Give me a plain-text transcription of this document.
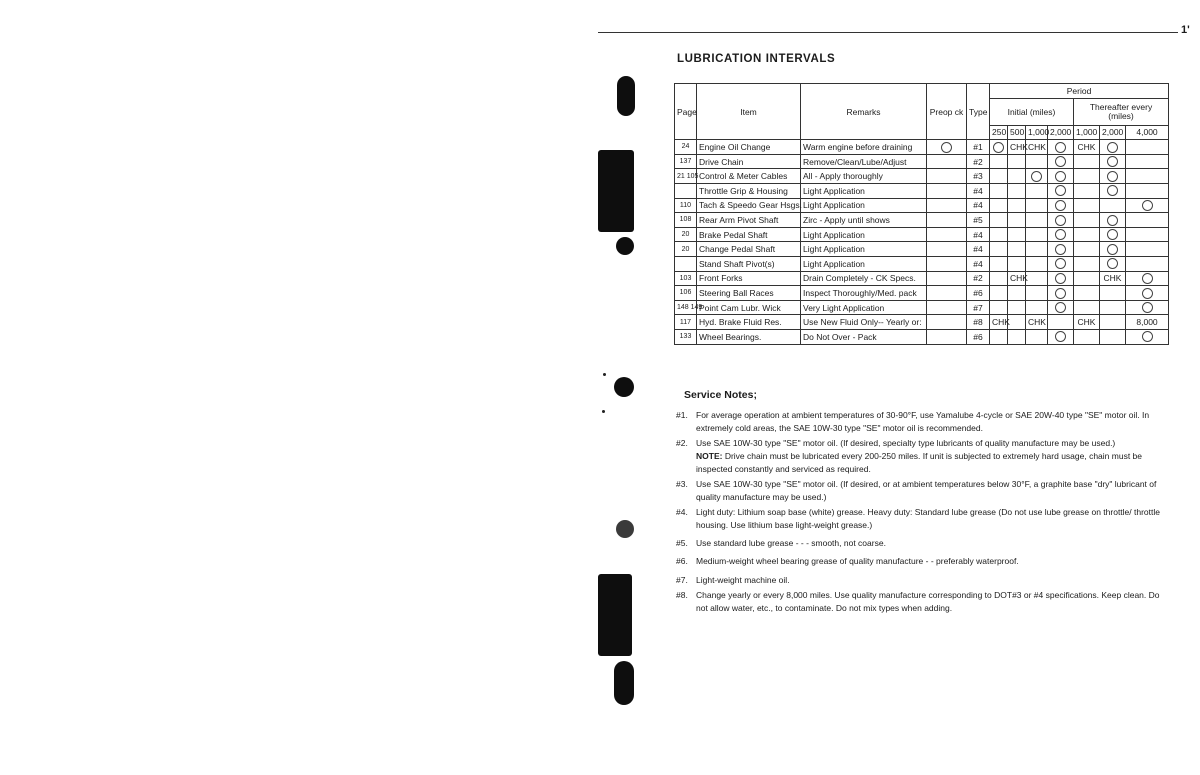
1'
LUBRICATION INTERVALS
Page	Item	Remarks	Preop ck	Type	Period						
					Initial (miles)				Thereafter every (miles)		
					250	500	1,000	2,000	1,000	2,000	4,000
24	Engine Oil Change	Warm engine before draining		#1		CHK	CHK		CHK		
137	Drive Chain	Remove/Clean/Lube/Adjust		#2							
21 105	Control & Meter Cables	All - Apply thoroughly		#3							
	Throttle Grip & Housing	Light Application		#4							
110	Tach & Speedo Gear Hsgs.	Light Application		#4							
108	Rear Arm Pivot Shaft	Zirc - Apply until shows		#5							
20	Brake Pedal Shaft	Light Application		#4							
20	Change Pedal Shaft	Light Application		#4							
	Stand Shaft Pivot(s)	Light Application		#4							
103	Front Forks	Drain Completely - CK Specs.		#2		CHK				CHK	
106	Steering Ball Races	Inspect Thoroughly/Med. pack		#6							
148 149	Point Cam Lubr. Wick	Very Light Application		#7							
117	Hyd. Brake Fluid Res.	Use New Fluid Only-- Yearly or:		#8	CHK		CHK		CHK		8,000
133	Wheel Bearings.	Do Not Over - Pack		#6							
Service Notes;
#1. For average operation at ambient temperatures of 30-90°F, use Yamalube 4-cycle or SAE 20W-40 type "SE" motor oil. In extremely cold areas, the SAE 10W-30 type "SE" motor oil is recommended.
#2. Use SAE 10W-30 type "SE" motor oil. (If desired, specialty type lubricants of quality manufacture may be used.)
NOTE: Drive chain must be lubricated every 200-250 miles. If unit is subjected to extremely hard usage, chain must be inspected constantly and serviced as required.
#3. Use SAE 10W-30 type "SE" motor oil. (If desired, or at ambient temperatures below 30°F, a graphite base "dry" lubricant of quality manufacture may be used.)
#4. Light duty: Lithium soap base (white) grease. Heavy duty: Standard lube grease (Do not use lube grease on throttle/ throttle housing. Use lithium base light-weight grease.)
#5. Use standard lube grease - - - smooth, not coarse.
#6. Medium-weight wheel bearing grease of quality manufacture - - preferably waterproof.
#7. Light-weight machine oil.
#8. Change yearly or every 8,000 miles. Use quality manufacture corresponding to DOT#3 or #4 specifications. Keep clean. Do not allow water, etc., to contaminate. Do not mix types when adding.
